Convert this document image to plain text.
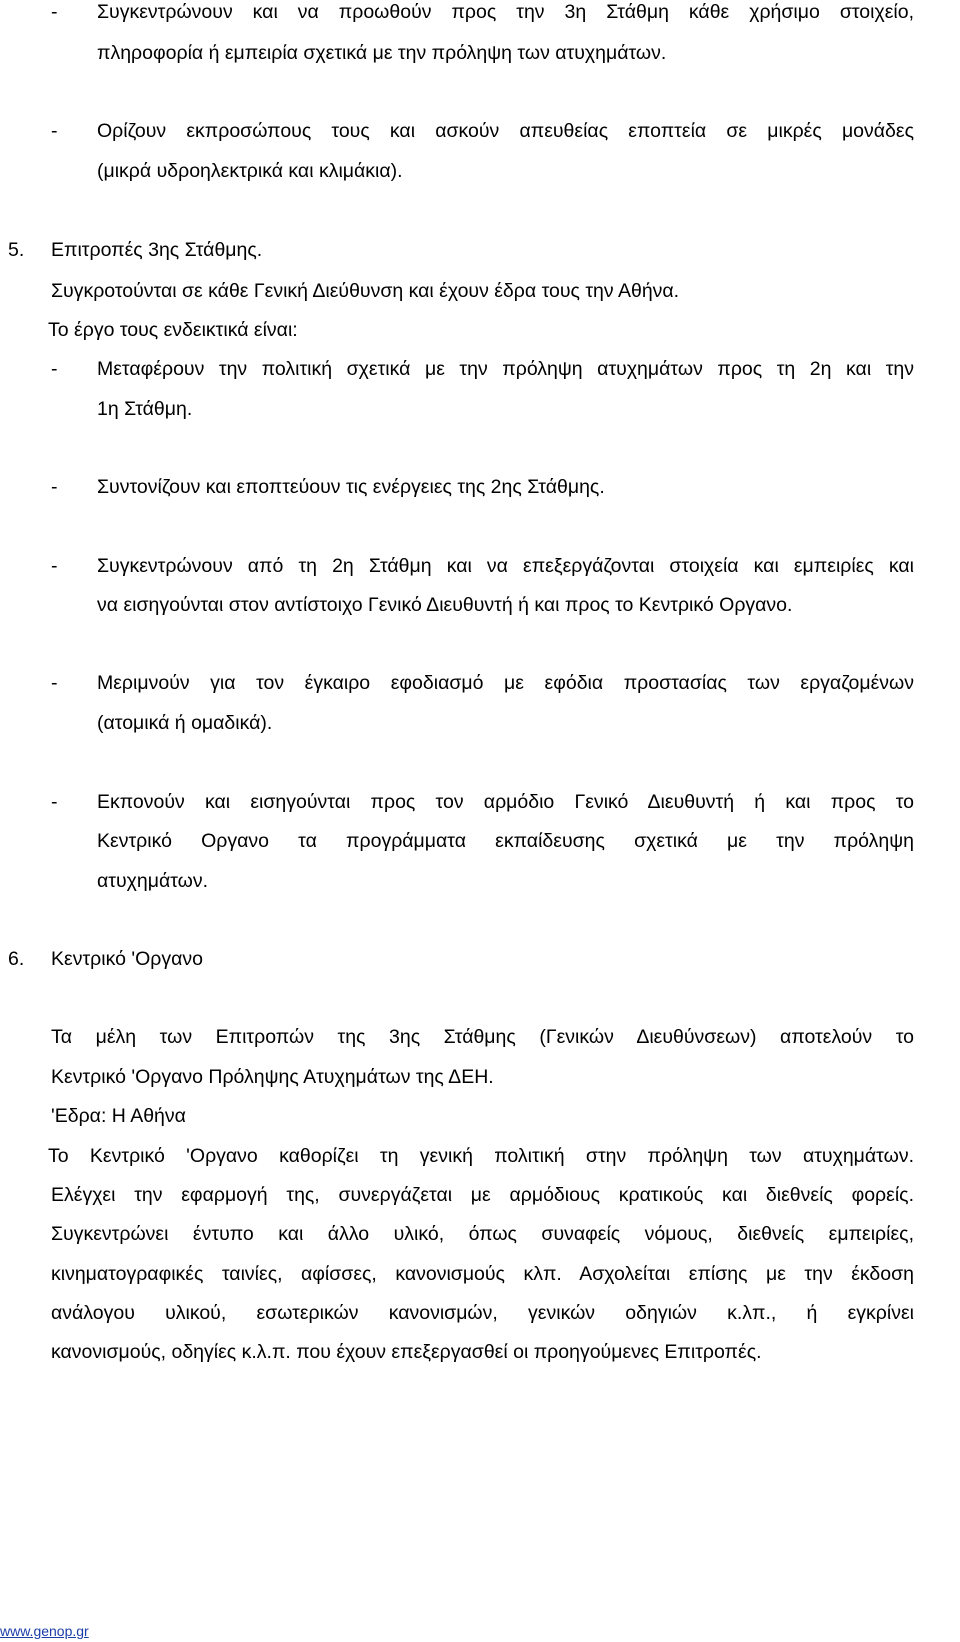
- Συγκεντρώνουν και να προωθούν προς την 3η Στάθμη κάθε χρήσιμο στοιχείο,
πληροφορία ή εμπειρία σχετικά με την πρόληψη των ατυχημάτων.
- Ορίζουν εκπροσώπους τους και ασκούν απευθείας εποπτεία σε μικρές μονάδες
(μικρά υδροηλεκτρικά και κλιμάκια).
5. Επιτροπές 3ης Στάθμης.
Συγκροτούνται σε κάθε Γενική Διεύθυνση και έχουν έδρα τους την Αθήνα.
Το έργο τους ενδεικτικά είναι:
- Μεταφέρουν την πολιτική σχετικά με την πρόληψη ατυχημάτων προς τη 2η και την
1η Στάθμη.
- Συντονίζουν και εποπτεύουν τις ενέργειες της 2ης Στάθμης.
- Συγκεντρώνουν από τη 2η Στάθμη και να επεξεργάζονται στοιχεία και εμπειρίες και
να εισηγούνται στον αντίστοιχο Γενικό Διευθυντή ή και προς το Κεντρικό Οργανο.
- Μεριμνούν για τον έγκαιρο εφοδιασμό με εφόδια προστασίας των εργαζομένων
(ατομικά ή ομαδικά).
- Εκπονούν και εισηγούνται προς τον αρμόδιο Γενικό Διευθυντή ή και προς το
Κεντρικό Οργανο τα προγράμματα εκπαίδευσης σχετικά με την πρόληψη
ατυχημάτων.
6. Κεντρικό 'Οργανο
Τα μέλη των Επιτροπών της 3ης Στάθμης (Γενικών Διευθύνσεων) αποτελούν το
Κεντρικό 'Οργανο Πρόληψης Ατυχημάτων της ΔΕΗ.
'Εδρα: Η Αθήνα
Το Κεντρικό 'Οργανο καθορίζει τη γενική πολιτική στην πρόληψη των ατυχημάτων.
Ελέγχει την εφαρμογή της, συνεργάζεται με αρμόδιους κρατικούς και διεθνείς φορείς.
Συγκεντρώνει έντυπο και άλλο υλικό, όπως συναφείς νόμους, διεθνείς εμπειρίες,
κινηματογραφικές ταινίες, αφίσσες, κανονισμούς κλπ. Ασχολείται επίσης με την έκδοση
ανάλογου υλικού, εσωτερικών κανονισμών, γενικών οδηγιών κ.λπ., ή εγκρίνει
κανονισμούς, οδηγίες κ.λ.π. που έχουν επεξεργασθεί οι προηγούμενες Επιτροπές.
www.genop.gr
